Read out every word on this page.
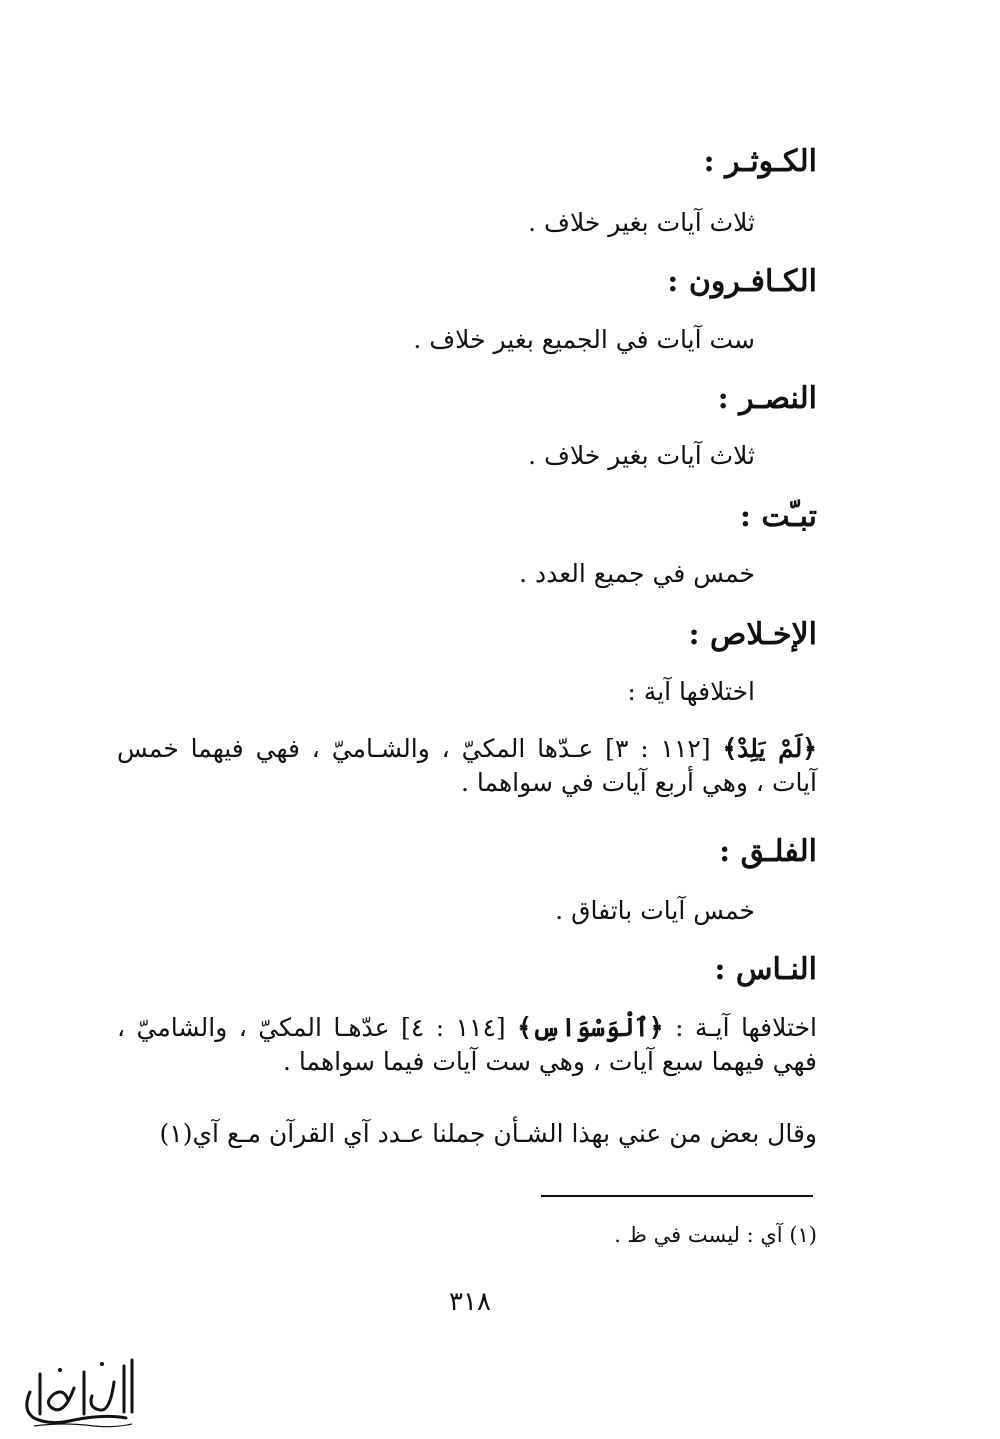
الكـوثـر :
ثلاث آيات بغير خلاف .
الكـافـرون :
ست آيات في الجميع بغير خلاف .
النصـر :
ثلاث آيات بغير خلاف .
تبـّت :
خمس في جميع العدد .
الإخـلاص :
اختلافها آية :
﴿لَمْ يَلِدْ﴾ [١١٢ : ٣] عـدّها المكيّ ، والشـاميّ ، فهي فيهما خمس آيات ، وهي أربع آيات في سواهما .
الفلـق :
خمس آيات باتفاق .
النـاس :
اختلافها آيـة : ﴿ٱلْوَسْوَاسِ﴾ [١١٤ : ٤] عدّهـا المكيّ ، والشاميّ ، فهي فيهما سبع آيات ، وهي ست آيات فيما سواهما .
وقال بعض من عني بهذا الشـأن جملنا عـدد آي القرآن مـع آي(١)
(١) آي : ليست في ظ .
٣١٨
